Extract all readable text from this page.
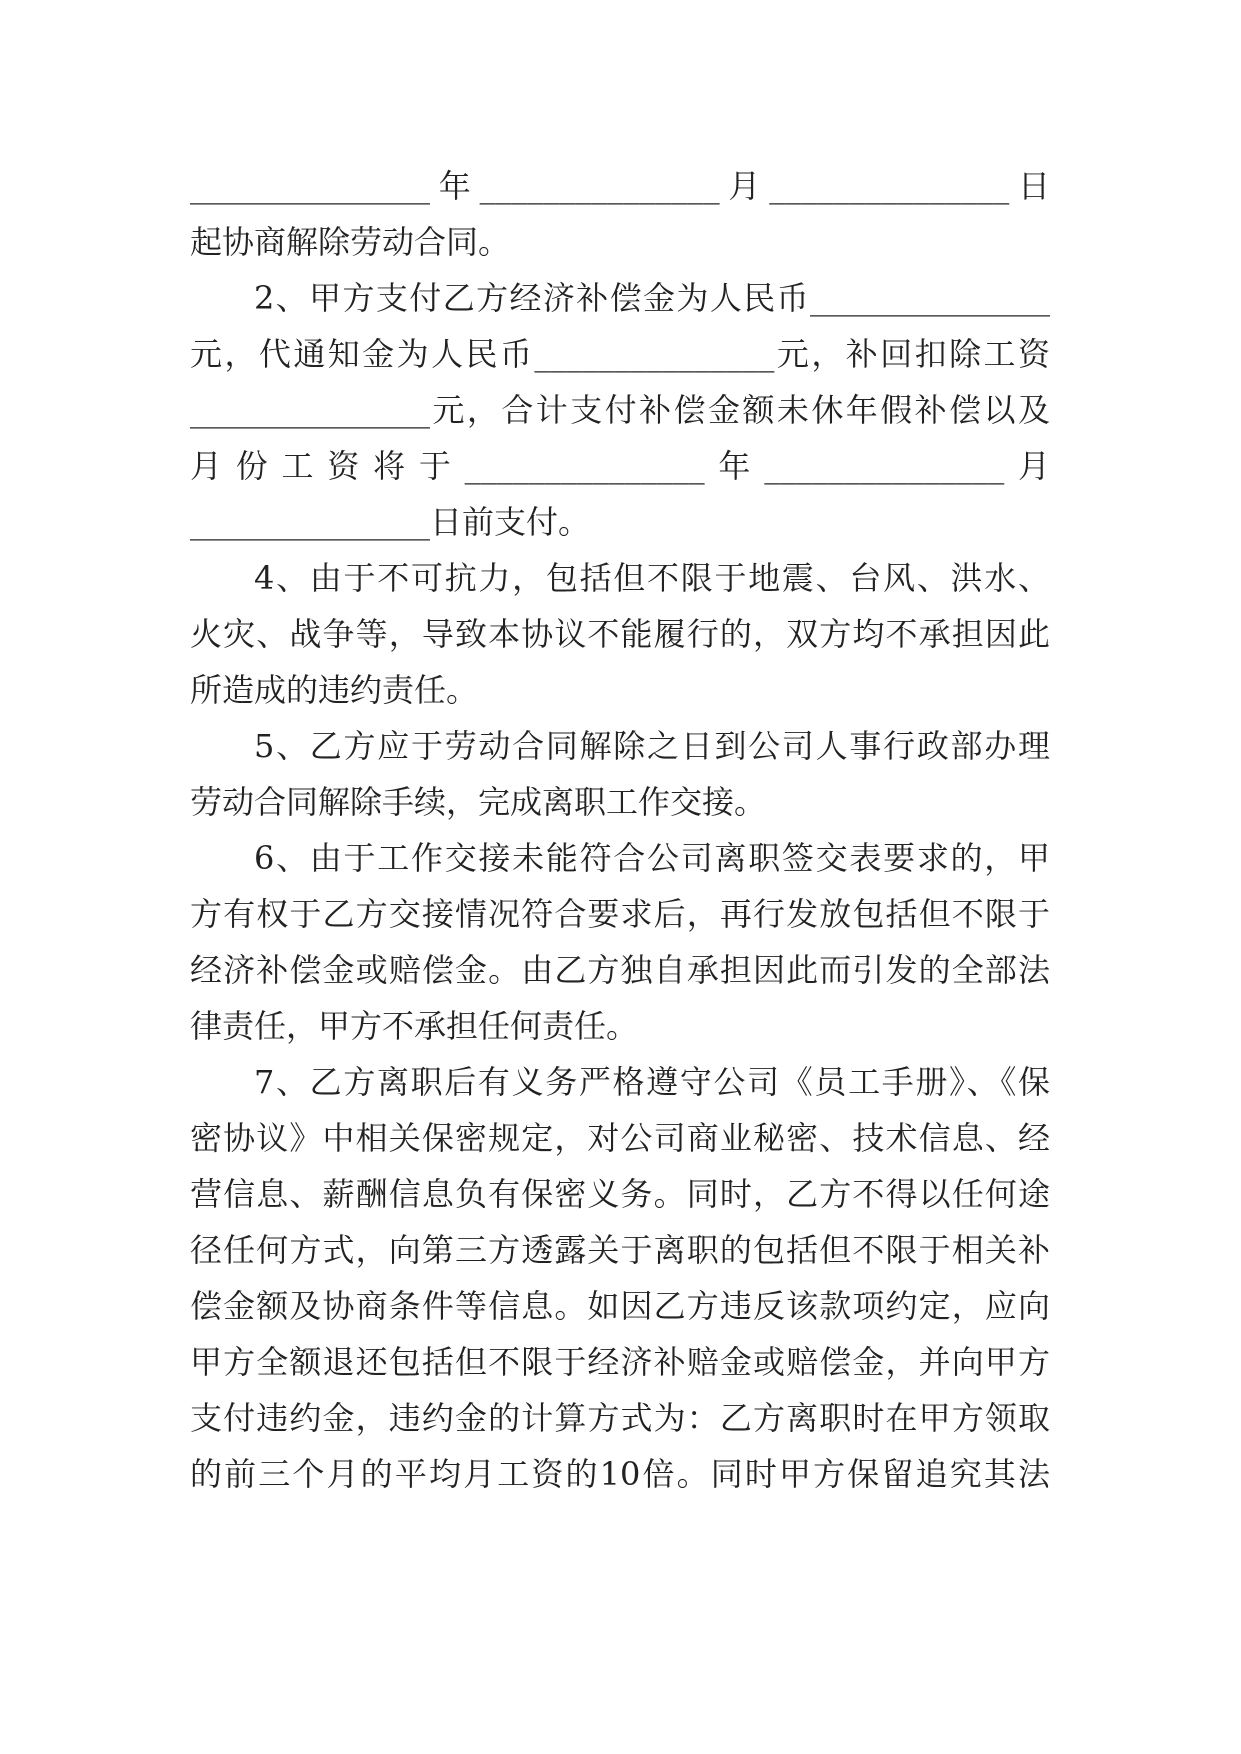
_______________年_______________月_______________日
起协商解除劳动合同。
2、甲方支付乙方经济补偿金为人民币_______________
元，代通知金为人民币_______________元，补回扣除工资
_______________元，合计支付补偿金额未休年假补偿以及
月份工资将于_______________年_______________月
_______________日前支付。
4、由于不可抗力，包括但不限于地震、台风、洪水、
火灾、战争等，导致本协议不能履行的，双方均不承担因此
所造成的违约责任。
5、乙方应于劳动合同解除之日到公司人事行政部办理
劳动合同解除手续，完成离职工作交接。
6、由于工作交接未能符合公司离职签交表要求的，甲
方有权于乙方交接情况符合要求后，再行发放包括但不限于
经济补偿金或赔偿金。由乙方独自承担因此而引发的全部法
律责任，甲方不承担任何责任。
7、乙方离职后有义务严格遵守公司《员工手册》、《保
密协议》中相关保密规定，对公司商业秘密、技术信息、经
营信息、薪酬信息负有保密义务。同时，乙方不得以任何途
径任何方式，向第三方透露关于离职的包括但不限于相关补
偿金额及协商条件等信息。如因乙方违反该款项约定，应向
甲方全额退还包括但不限于经济补赔金或赔偿金，并向甲方
支付违约金，违约金的计算方式为：乙方离职时在甲方领取
的前三个月的平均月工资的10倍。同时甲方保留追究其法
